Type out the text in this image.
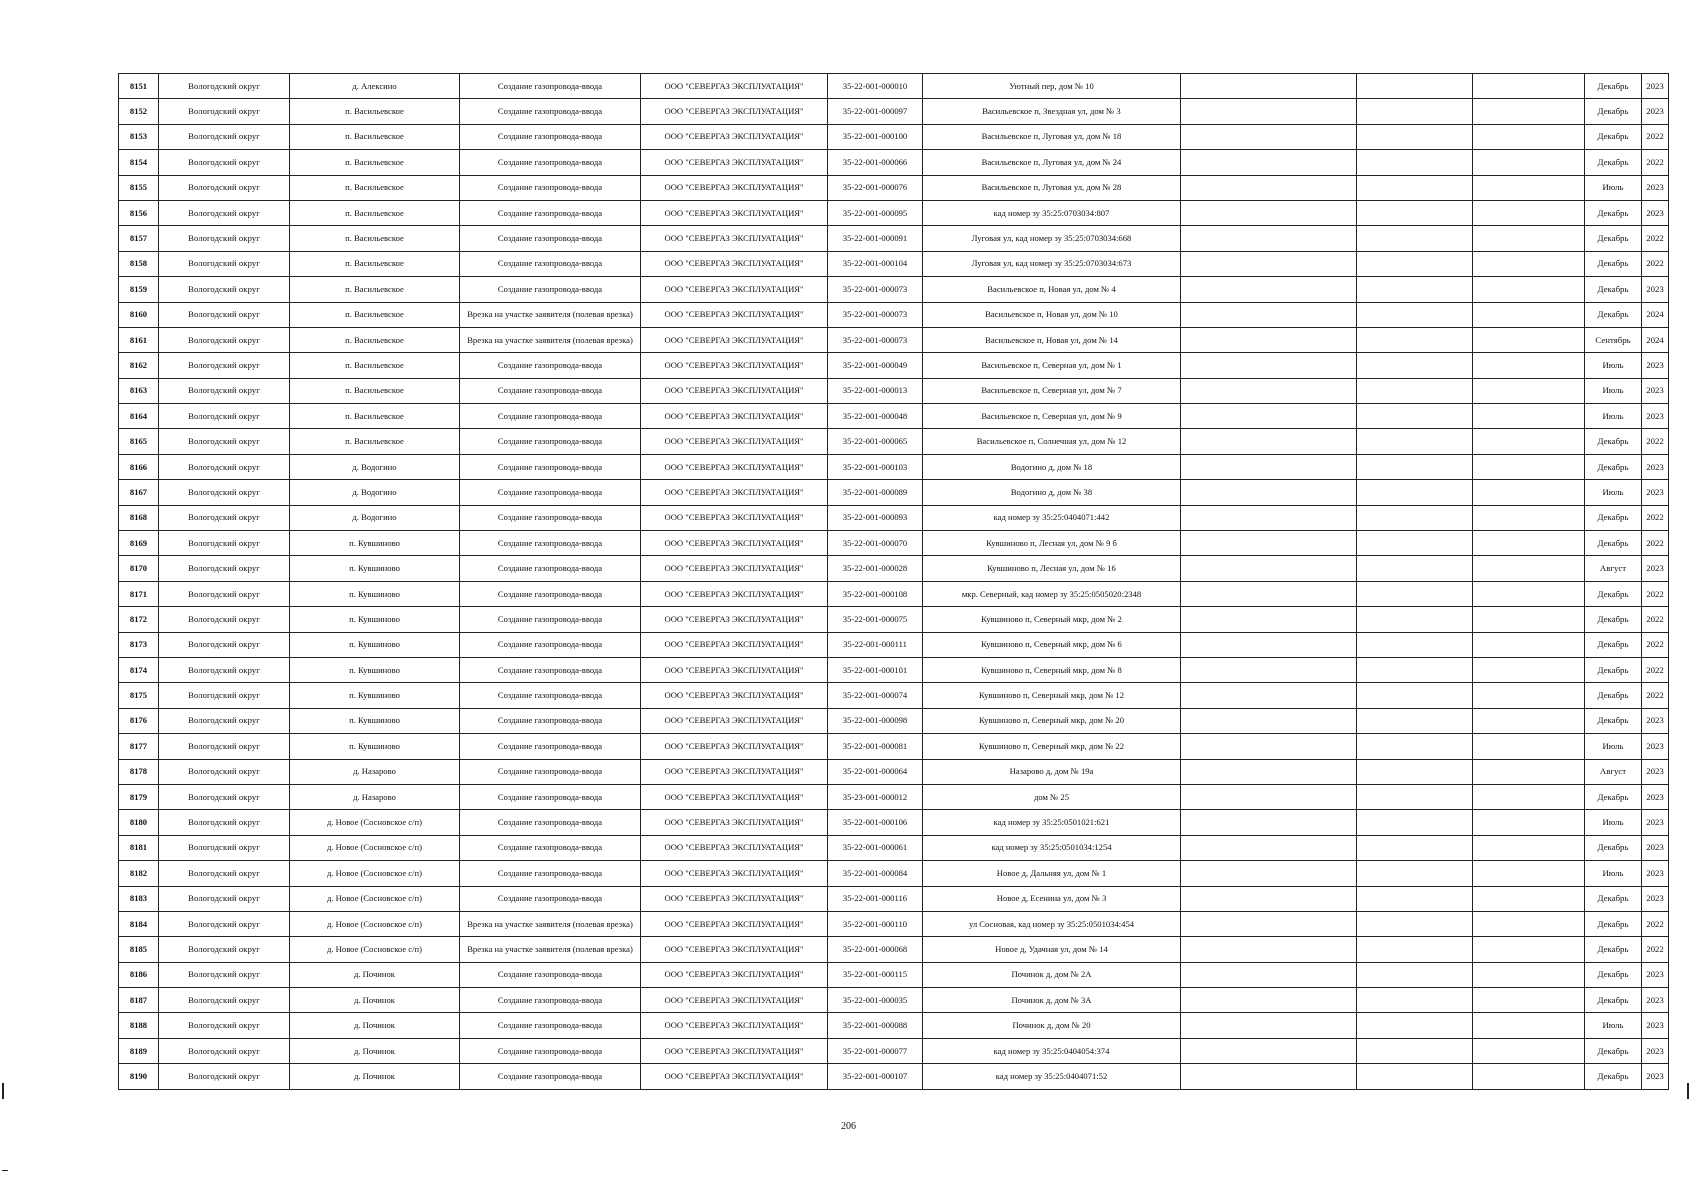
8151	Вологодский округ	д. Алексино	Создание газопровода-ввода	ООО "СЕВЕРГАЗ ЭКСПЛУАТАЦИЯ"	35-22-001-000010	Уютный пер, дом № 10				Декабрь	2023
8152	Вологодский округ	п. Васильевское	Создание газопровода-ввода	ООО "СЕВЕРГАЗ ЭКСПЛУАТАЦИЯ"	35-22-001-000097	Васильевское п, Звездная ул, дом № 3				Декабрь	2023
8153	Вологодский округ	п. Васильевское	Создание газопровода-ввода	ООО "СЕВЕРГАЗ ЭКСПЛУАТАЦИЯ"	35-22-001-000100	Васильевское п, Луговая ул, дом № 18				Декабрь	2022
8154	Вологодский округ	п. Васильевское	Создание газопровода-ввода	ООО "СЕВЕРГАЗ ЭКСПЛУАТАЦИЯ"	35-22-001-000066	Васильевское п, Луговая ул, дом № 24				Декабрь	2022
8155	Вологодский округ	п. Васильевское	Создание газопровода-ввода	ООО "СЕВЕРГАЗ ЭКСПЛУАТАЦИЯ"	35-22-001-000076	Васильевское п, Луговая ул, дом № 28				Июль	2023
8156	Вологодский округ	п. Васильевское	Создание газопровода-ввода	ООО "СЕВЕРГАЗ ЭКСПЛУАТАЦИЯ"	35-22-001-000095	кад номер зу 35:25:0703034:807				Декабрь	2023
8157	Вологодский округ	п. Васильевское	Создание газопровода-ввода	ООО "СЕВЕРГАЗ ЭКСПЛУАТАЦИЯ"	35-22-001-000091	Луговая ул, кад номер зу 35:25:0703034:668				Декабрь	2022
8158	Вологодский округ	п. Васильевское	Создание газопровода-ввода	ООО "СЕВЕРГАЗ ЭКСПЛУАТАЦИЯ"	35-22-001-000104	Луговая ул, кад номер зу 35:25:0703034:673				Декабрь	2022
8159	Вологодский округ	п. Васильевское	Создание газопровода-ввода	ООО "СЕВЕРГАЗ ЭКСПЛУАТАЦИЯ"	35-22-001-000073	Васильевское п, Новая ул, дом № 4				Декабрь	2023
8160	Вологодский округ	п. Васильевское	Врезка на участке заявителя (полевая врезка)	ООО "СЕВЕРГАЗ ЭКСПЛУАТАЦИЯ"	35-22-001-000073	Васильевское п, Новая ул, дом № 10				Декабрь	2024
8161	Вологодский округ	п. Васильевское	Врезка на участке заявителя (полевая врезка)	ООО "СЕВЕРГАЗ ЭКСПЛУАТАЦИЯ"	35-22-001-000073	Васильевское п, Новая ул, дом № 14				Сентябрь	2024
8162	Вологодский округ	п. Васильевское	Создание газопровода-ввода	ООО "СЕВЕРГАЗ ЭКСПЛУАТАЦИЯ"	35-22-001-000049	Васильевское п, Северная ул, дом № 1				Июль	2023
8163	Вологодский округ	п. Васильевское	Создание газопровода-ввода	ООО "СЕВЕРГАЗ ЭКСПЛУАТАЦИЯ"	35-22-001-000013	Васильевское п, Северная ул, дом № 7				Июль	2023
8164	Вологодский округ	п. Васильевское	Создание газопровода-ввода	ООО "СЕВЕРГАЗ ЭКСПЛУАТАЦИЯ"	35-22-001-000048	Васильевское п, Северная ул, дом № 9				Июль	2023
8165	Вологодский округ	п. Васильевское	Создание газопровода-ввода	ООО "СЕВЕРГАЗ ЭКСПЛУАТАЦИЯ"	35-22-001-000065	Васильевское п, Солнечная ул, дом № 12				Декабрь	2022
8166	Вологодский округ	д. Водогино	Создание газопровода-ввода	ООО "СЕВЕРГАЗ ЭКСПЛУАТАЦИЯ"	35-22-001-000103	Водогино д, дом № 18				Декабрь	2023
8167	Вологодский округ	д. Водогино	Создание газопровода-ввода	ООО "СЕВЕРГАЗ ЭКСПЛУАТАЦИЯ"	35-22-001-000089	Водогино д, дом № 38				Июль	2023
8168	Вологодский округ	д. Водогино	Создание газопровода-ввода	ООО "СЕВЕРГАЗ ЭКСПЛУАТАЦИЯ"	35-22-001-000093	кад номер зу 35:25:0404071:442				Декабрь	2022
8169	Вологодский округ	п. Кувшиново	Создание газопровода-ввода	ООО "СЕВЕРГАЗ ЭКСПЛУАТАЦИЯ"	35-22-001-000070	Кувшиново п, Лесная ул, дом № 9 б				Декабрь	2022
8170	Вологодский округ	п. Кувшиново	Создание газопровода-ввода	ООО "СЕВЕРГАЗ ЭКСПЛУАТАЦИЯ"	35-22-001-000028	Кувшиново п, Лесная ул, дом № 16				Август	2023
8171	Вологодский округ	п. Кувшиново	Создание газопровода-ввода	ООО "СЕВЕРГАЗ ЭКСПЛУАТАЦИЯ"	35-22-001-000108	мкр. Северный, кад номер зу 35:25:0505020:2348				Декабрь	2022
8172	Вологодский округ	п. Кувшиново	Создание газопровода-ввода	ООО "СЕВЕРГАЗ ЭКСПЛУАТАЦИЯ"	35-22-001-000075	Кувшиново п, Северный мкр, дом № 2				Декабрь	2022
8173	Вологодский округ	п. Кувшиново	Создание газопровода-ввода	ООО "СЕВЕРГАЗ ЭКСПЛУАТАЦИЯ"	35-22-001-000111	Кувшиново п, Северный мкр, дом № 6				Декабрь	2022
8174	Вологодский округ	п. Кувшиново	Создание газопровода-ввода	ООО "СЕВЕРГАЗ ЭКСПЛУАТАЦИЯ"	35-22-001-000101	Кувшиново п, Северный мкр, дом № 8				Декабрь	2022
8175	Вологодский округ	п. Кувшиново	Создание газопровода-ввода	ООО "СЕВЕРГАЗ ЭКСПЛУАТАЦИЯ"	35-22-001-000074	Кувшиново п, Северный мкр, дом № 12				Декабрь	2022
8176	Вологодский округ	п. Кувшиново	Создание газопровода-ввода	ООО "СЕВЕРГАЗ ЭКСПЛУАТАЦИЯ"	35-22-001-000098	Кувшиново п, Северный мкр, дом № 20				Декабрь	2023
8177	Вологодский округ	п. Кувшиново	Создание газопровода-ввода	ООО "СЕВЕРГАЗ ЭКСПЛУАТАЦИЯ"	35-22-001-000081	Кувшиново п, Северный мкр, дом № 22				Июль	2023
8178	Вологодский округ	д. Назарово	Создание газопровода-ввода	ООО "СЕВЕРГАЗ ЭКСПЛУАТАЦИЯ"	35-22-001-000064	Назарово д, дом № 19а				Август	2023
8179	Вологодский округ	д. Назарово	Создание газопровода-ввода	ООО "СЕВЕРГАЗ ЭКСПЛУАТАЦИЯ"	35-23-001-000012	дом № 25				Декабрь	2023
8180	Вологодский округ	д. Новое (Сосновское с/п)	Создание газопровода-ввода	ООО "СЕВЕРГАЗ ЭКСПЛУАТАЦИЯ"	35-22-001-000106	кад номер зу 35:25:0501021:621				Июль	2023
8181	Вологодский округ	д. Новое (Сосновское с/п)	Создание газопровода-ввода	ООО "СЕВЕРГАЗ ЭКСПЛУАТАЦИЯ"	35-22-001-000061	кад номер зу 35:25:0501034:1254				Декабрь	2023
8182	Вологодский округ	д. Новое (Сосновское с/п)	Создание газопровода-ввода	ООО "СЕВЕРГАЗ ЭКСПЛУАТАЦИЯ"	35-22-001-000084	Новое д, Дальняя ул, дом № 1				Июль	2023
8183	Вологодский округ	д. Новое (Сосновское с/п)	Создание газопровода-ввода	ООО "СЕВЕРГАЗ ЭКСПЛУАТАЦИЯ"	35-22-001-000116	Новое д, Есенина ул, дом № 3				Декабрь	2023
8184	Вологодский округ	д. Новое (Сосновское с/п)	Врезка на участке заявителя (полевая врезка)	ООО "СЕВЕРГАЗ ЭКСПЛУАТАЦИЯ"	35-22-001-000110	ул Сосновая, кад номер зу 35:25:0501034:454				Декабрь	2022
8185	Вологодский округ	д. Новое (Сосновское с/п)	Врезка на участке заявителя (полевая врезка)	ООО "СЕВЕРГАЗ ЭКСПЛУАТАЦИЯ"	35-22-001-000068	Новое д, Удачная ул, дом № 14				Декабрь	2022
8186	Вологодский округ	д. Починок	Создание газопровода-ввода	ООО "СЕВЕРГАЗ ЭКСПЛУАТАЦИЯ"	35-22-001-000115	Починок д, дом № 2А				Декабрь	2023
8187	Вологодский округ	д. Починок	Создание газопровода-ввода	ООО "СЕВЕРГАЗ ЭКСПЛУАТАЦИЯ"	35-22-001-000035	Починок д, дом № 3А				Декабрь	2023
8188	Вологодский округ	д. Починок	Создание газопровода-ввода	ООО "СЕВЕРГАЗ ЭКСПЛУАТАЦИЯ"	35-22-001-000088	Починок д, дом № 20				Июль	2023
8189	Вологодский округ	д. Починок	Создание газопровода-ввода	ООО "СЕВЕРГАЗ ЭКСПЛУАТАЦИЯ"	35-22-001-000077	кад номер зу 35:25:0404054:374				Декабрь	2023
8190	Вологодский округ	д. Починок	Создание газопровода-ввода	ООО "СЕВЕРГАЗ ЭКСПЛУАТАЦИЯ"	35-22-001-000107	кад номер зу 35:25:0404071:52				Декабрь	2023
206
